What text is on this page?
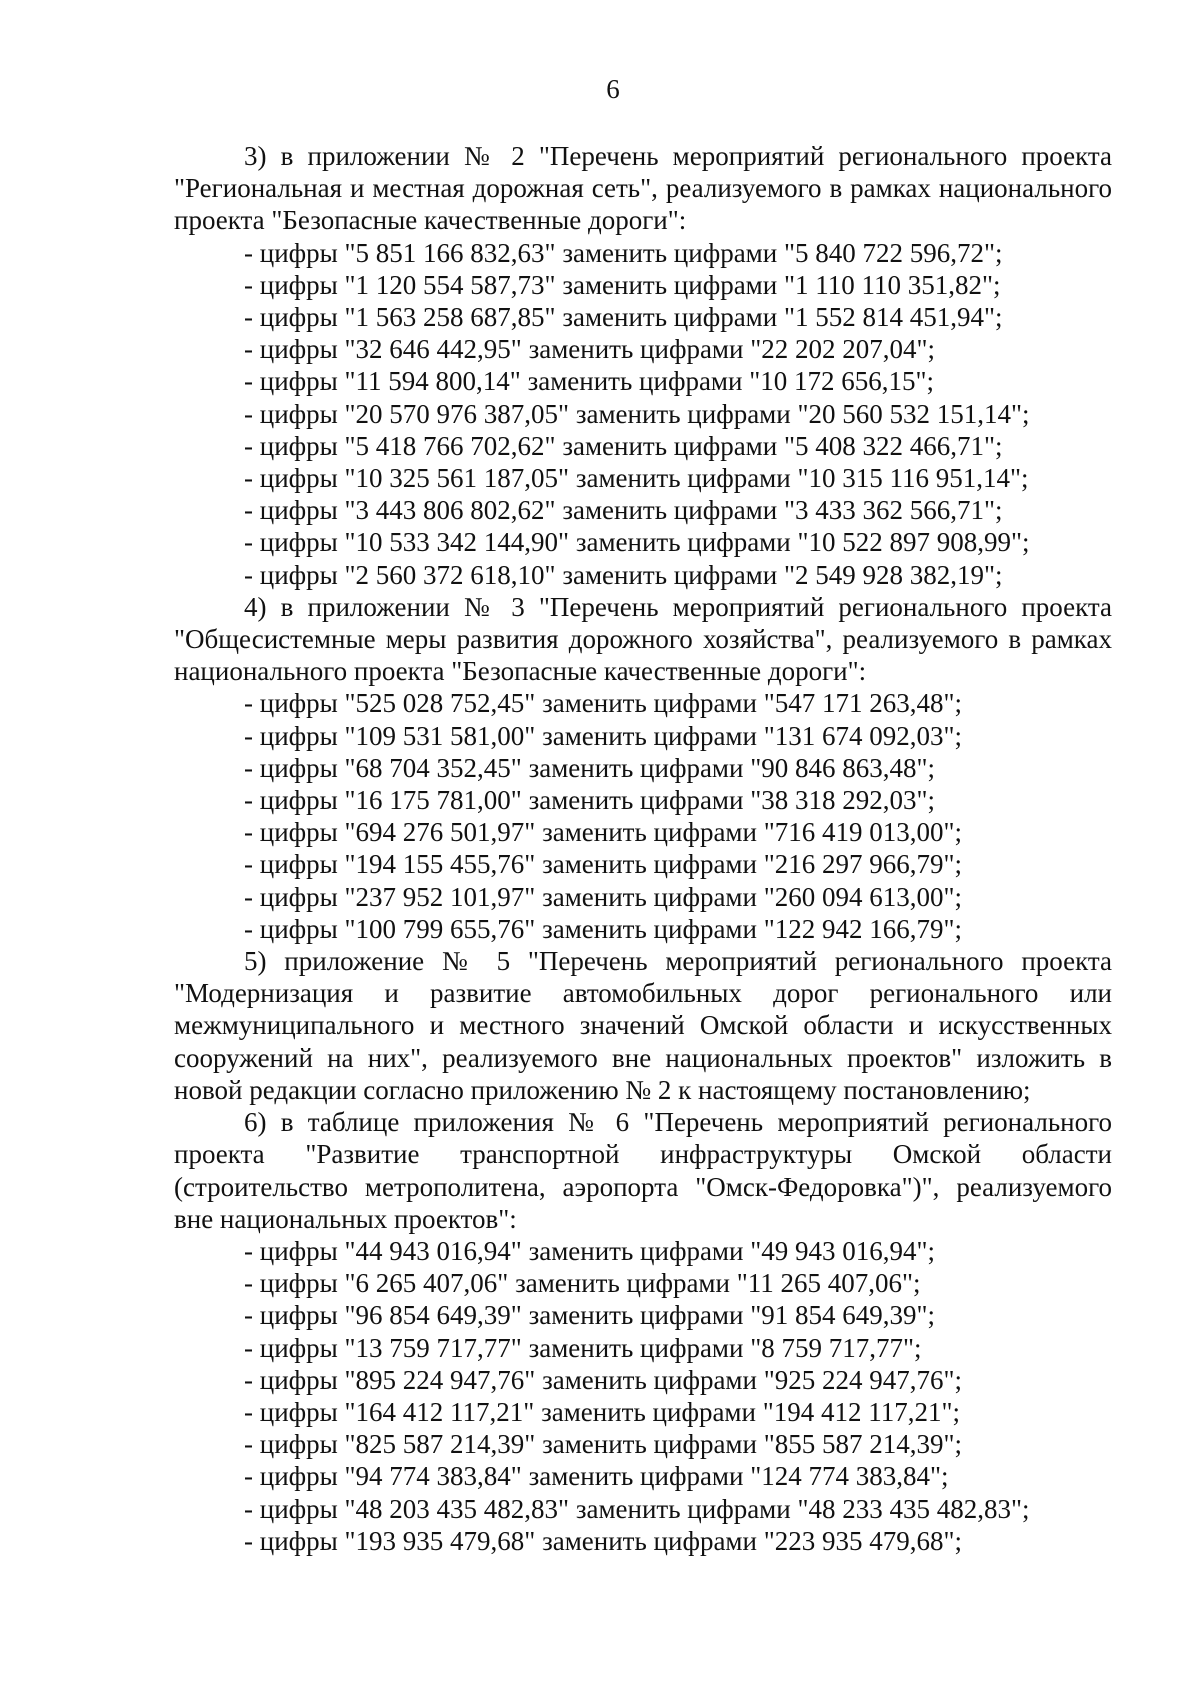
6

3) в приложении № 2 "Перечень мероприятий регионального проекта "Региональная и местная дорожная сеть", реализуемого в рамках национального проекта "Безопасные качественные дороги":

- цифры "5 851 166 832,63" заменить цифрами "5 840 722 596,72";

- цифры "1 120 554 587,73" заменить цифрами "1 110 110 351,82";

- цифры "1 563 258 687,85" заменить цифрами "1 552 814 451,94";

- цифры "32 646 442,95" заменить цифрами "22 202 207,04";

- цифры "11 594 800,14" заменить цифрами "10 172 656,15";

- цифры "20 570 976 387,05" заменить цифрами "20 560 532 151,14";

- цифры "5 418 766 702,62" заменить цифрами "5 408 322 466,71";

- цифры "10 325 561 187,05" заменить цифрами "10 315 116 951,14";

- цифры "3 443 806 802,62" заменить цифрами "3 433 362 566,71";

- цифры "10 533 342 144,90" заменить цифрами "10 522 897 908,99";

- цифры "2 560 372 618,10" заменить цифрами "2 549 928 382,19";

4) в приложении № 3 "Перечень мероприятий регионального проекта "Общесистемные меры развития дорожного хозяйства", реализуемого в рамках национального проекта "Безопасные качественные дороги":

- цифры "525 028 752,45" заменить цифрами "547 171 263,48";

- цифры "109 531 581,00" заменить цифрами "131 674 092,03";

- цифры "68 704 352,45" заменить цифрами "90 846 863,48";

- цифры "16 175 781,00" заменить цифрами "38 318 292,03";

- цифры "694 276 501,97" заменить цифрами "716 419 013,00";

- цифры "194 155 455,76" заменить цифрами "216 297 966,79";

- цифры "237 952 101,97" заменить цифрами "260 094 613,00";

- цифры "100 799 655,76" заменить цифрами "122 942 166,79";

5) приложение № 5 "Перечень мероприятий регионального проекта "Модернизация и развитие автомобильных дорог регионального или межмуниципального и местного значений Омской области и искусственных сооружений на них", реализуемого вне национальных проектов" изложить в новой редакции согласно приложению № 2 к настоящему постановлению;

6) в таблице приложения № 6 "Перечень мероприятий регионального проекта "Развитие транспортной инфраструктуры Омской области (строительство метрополитена, аэропорта "Омск-Федоровка")", реализуемого вне национальных проектов":

- цифры "44 943 016,94" заменить цифрами "49 943 016,94";

- цифры "6 265 407,06" заменить цифрами "11 265 407,06";

- цифры "96 854 649,39" заменить цифрами "91 854 649,39";

- цифры "13 759 717,77" заменить цифрами "8 759 717,77";

- цифры "895 224 947,76" заменить цифрами "925 224 947,76";

- цифры "164 412 117,21" заменить цифрами "194 412 117,21";

- цифры "825 587 214,39" заменить цифрами "855 587 214,39";

- цифры "94 774 383,84" заменить цифрами "124 774 383,84";

- цифры "48 203 435 482,83" заменить цифрами "48 233 435 482,83";

- цифры "193 935 479,68" заменить цифрами "223 935 479,68";
